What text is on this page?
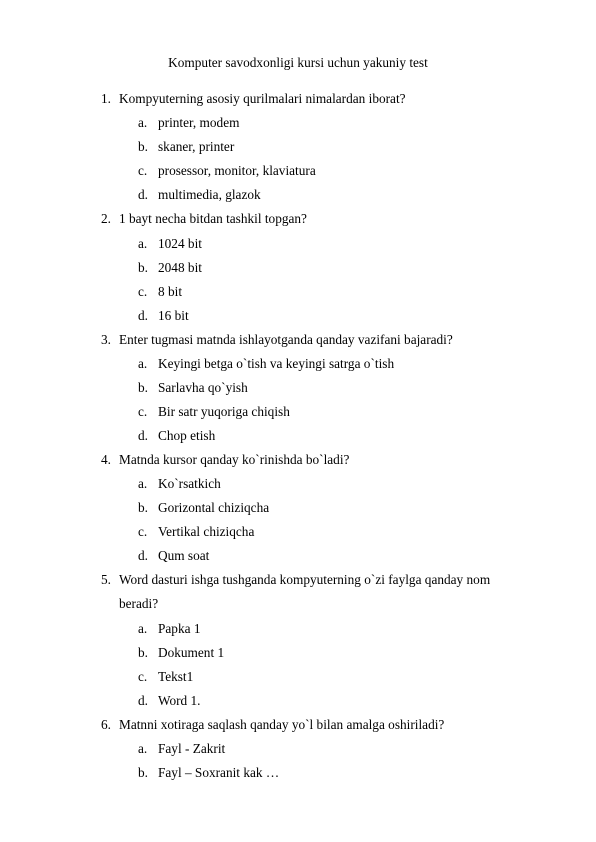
Komputer savodxonligi kursi uchun yakuniy test
1. Kompyuterning asosiy qurilmalari nimalardan iborat?
a. printer, modem
b. skaner, printer
c. prosessor, monitor, klaviatura
d. multimedia, glazok
2. 1 bayt necha bitdan tashkil topgan?
a. 1024 bit
b. 2048 bit
c. 8 bit
d. 16 bit
3. Enter tugmasi matnda ishlayotganda qanday vazifani bajaradi?
a. Keyingi betga o`tish va keyingi satrga o`tish
b. Sarlavha qo`yish
c. Bir satr yuqoriga chiqish
d. Chop etish
4. Matnda kursor qanday ko`rinishda bo`ladi?
a. Ko`rsatkich
b. Gorizontal chiziqcha
c. Vertikal chiziqcha
d. Qum soat
5. Word dasturi ishga tushganda kompyuterning o`zi faylga qanday nom beradi?
a. Papka 1
b. Dokument 1
c. Tekst1
d. Word 1.
6. Matnni xotiraga saqlash qanday yo`l bilan amalga oshiriladi?
a. Fayl - Zakrit
b. Fayl – Soxranit kak …
